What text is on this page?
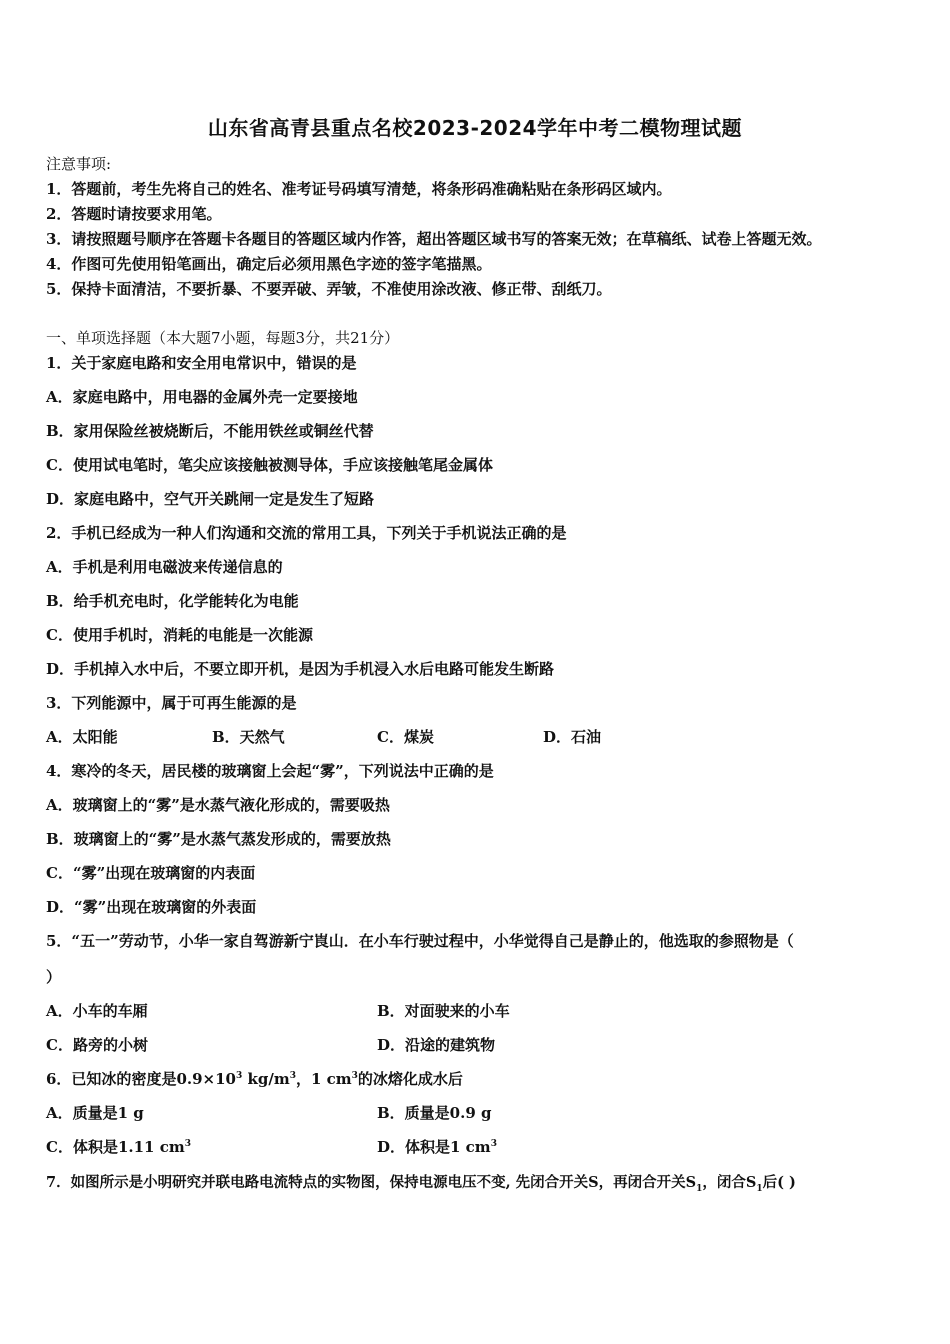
山东省高青县重点名校2023-2024学年中考二模物理试题
注意事项:
1．答题前，考生先将自己的姓名、准考证号码填写清楚，将条形码准确粘贴在条形码区域内。
2．答题时请按要求用笔。
3．请按照题号顺序在答题卡各题目的答题区域内作答，超出答题区域书写的答案无效；在草稿纸、试卷上答题无效。
4．作图可先使用铅笔画出，确定后必须用黑色字迹的签字笔描黑。
5．保持卡面清洁，不要折暴、不要弄破、弄皱，不准使用涂改液、修正带、刮纸刀。
一、单项选择题（本大题7小题，每题3分，共21分）
1．关于家庭电路和安全用电常识中，错误的是
A．家庭电路中，用电器的金属外壳一定要接地
B．家用保险丝被烧断后，不能用铁丝或铜丝代替
C．使用试电笔时，笔尖应该接触被测导体，手应该接触笔尾金属体
D．家庭电路中，空气开关跳闸一定是发生了短路
2．手机已经成为一种人们沟通和交流的常用工具，下列关于手机说法正确的是
A．手机是利用电磁波来传递信息的
B．给手机充电时，化学能转化为电能
C．使用手机时，消耗的电能是一次能源
D．手机掉入水中后，不要立即开机，是因为手机浸入水后电路可能发生断路
3．下列能源中，属于可再生能源的是
A．太阳能	B．天然气	C．煤炭	D．石油
4．寒冷的冬天，居民楼的玻璃窗上会起“雾”，下列说法中正确的是
A．玻璃窗上的“雾”是水蒸气液化形成的，需要吸热
B．玻璃窗上的“雾”是水蒸气蒸发形成的，需要放热
C．“雾”出现在玻璃窗的内表面
D．“雾”出现在玻璃窗的外表面
5．“五一”劳动节，小华一家自驾游新宁崀山．在小车行驶过程中，小华觉得自己是静止的，他选取的参照物是（
）
A．小车的车厢	B．对面驶来的小车
C．路旁的小树	D．沿途的建筑物
6．已知冰的密度是$0.9\times 10^3$ $kg/m^3$，1 $cm^3$的冰熔化成水后
A．质量是1 g	B．质量是0.9 g
C．体积是1.11 $cm^3$	D．体积是1 $cm^3$
7．如图所示是小明研究并联电路电流特点的实物图，保持电源电压不变, 先闭合开关S，再闭合开关$S_1$，闭合$S_1$后( )
